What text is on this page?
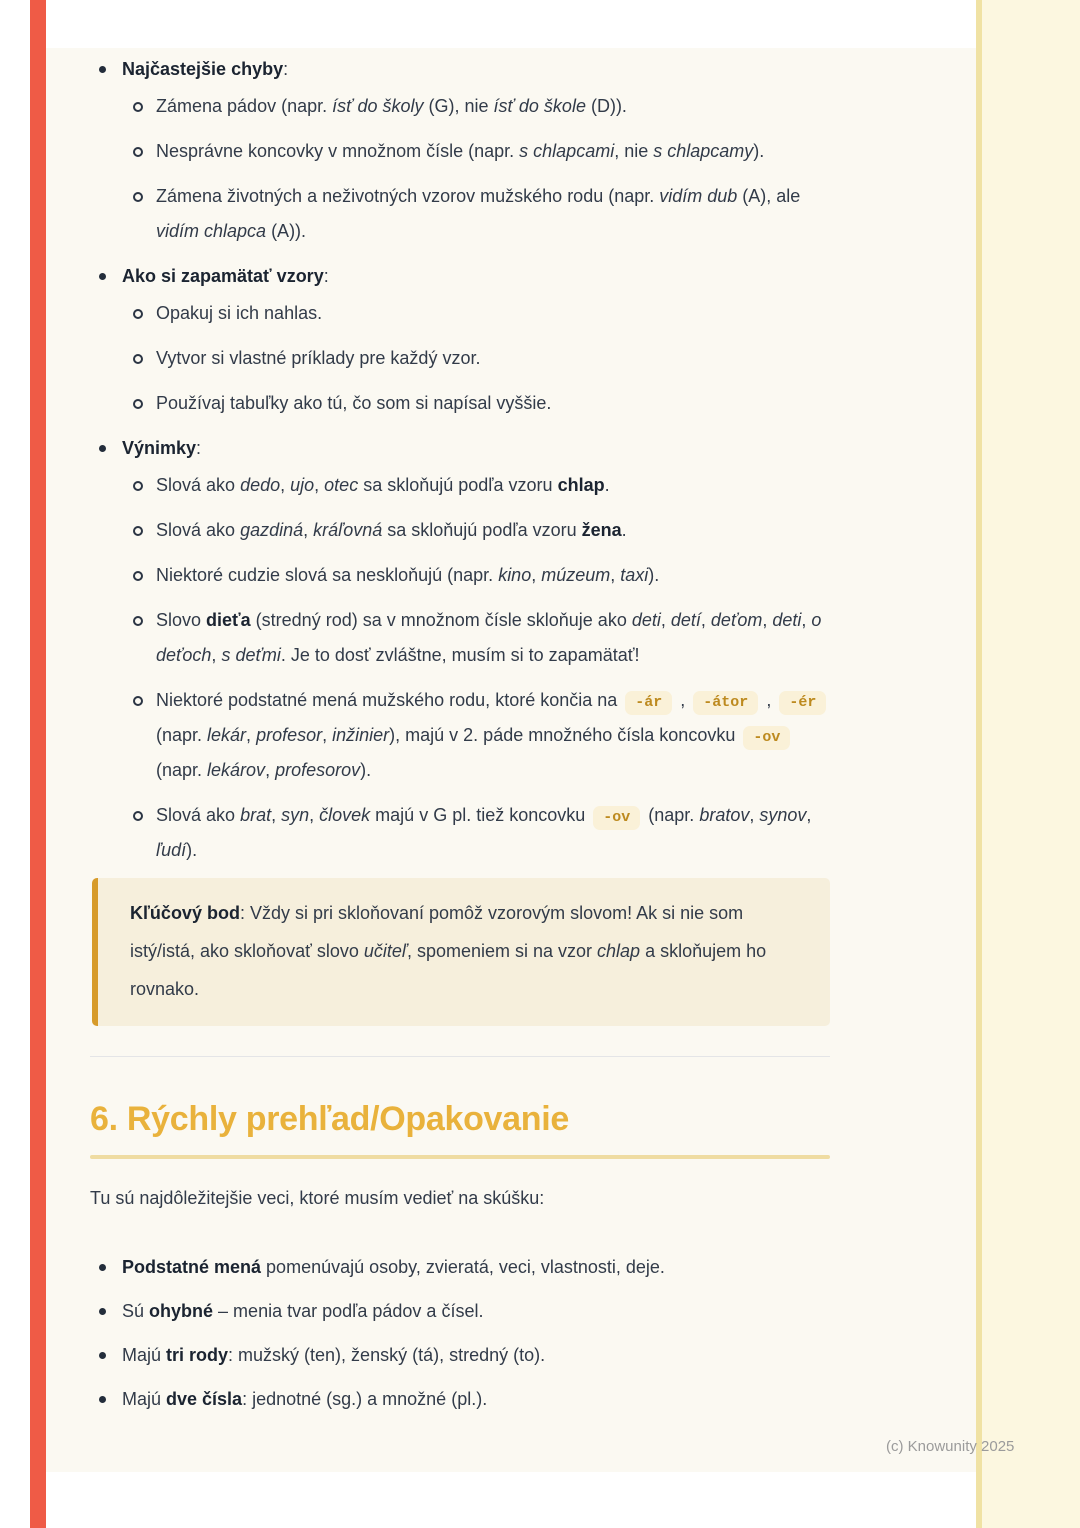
Najčastejšie chyby:
Zámena pádov (napr. ísť do školy (G), nie ísť do škole (D)).
Nesprávne koncovky v množnom čísle (napr. s chlapcami, nie s chlapcamy).
Zámena životných a neživotných vzorov mužského rodu (napr. vidím dub (A), ale vidím chlapca (A)).
Ako si zapamätať vzory:
Opakuj si ich nahlas.
Vytvor si vlastné príklady pre každý vzor.
Používaj tabuľky ako tú, čo som si napísal vyššie.
Výnimky:
Slová ako dedo, ujo, otec sa skloňujú podľa vzoru chlap.
Slová ako gazdiná, kráľovná sa skloňujú podľa vzoru žena.
Niektoré cudzie slová sa neskloňujú (napr. kino, múzeum, taxi).
Slovo dieťa (stredný rod) sa v množnom čísle skloňuje ako deti, detí, deťom, deti, o deťoch, s deťmi. Je to dosť zvláštne, musím si to zapamätať!
Niektoré podstatné mená mužského rodu, ktoré končia na -ár , -átor , -ér (napr. lekár, profesor, inžinier), majú v 2. páde množného čísla koncovku -ov (napr. lekárov, profesorov).
Slová ako brat, syn, človek majú v G pl. tiež koncovku -ov (napr. bratov, synov, ľudí).
Kľúčový bod: Vždy si pri skloňovaní pomôž vzorovým slovom! Ak si nie som istý/istá, ako skloňovať slovo učiteľ, spomeniem si na vzor chlap a skloňujem ho rovnako.
6. Rýchly prehľad/Opakovanie

Tu sú najdôležitejšie veci, ktoré musím vedieť na skúšku:

Podstatné mená pomenúvajú osoby, zvieratá, veci, vlastnosti, deje.
Sú ohybné – menia tvar podľa pádov a čísel.
Majú tri rody: mužský (ten), ženský (tá), stredný (to).
Majú dve čísla: jednotné (sg.) a množné (pl.).
(c) Knowunity 2025
